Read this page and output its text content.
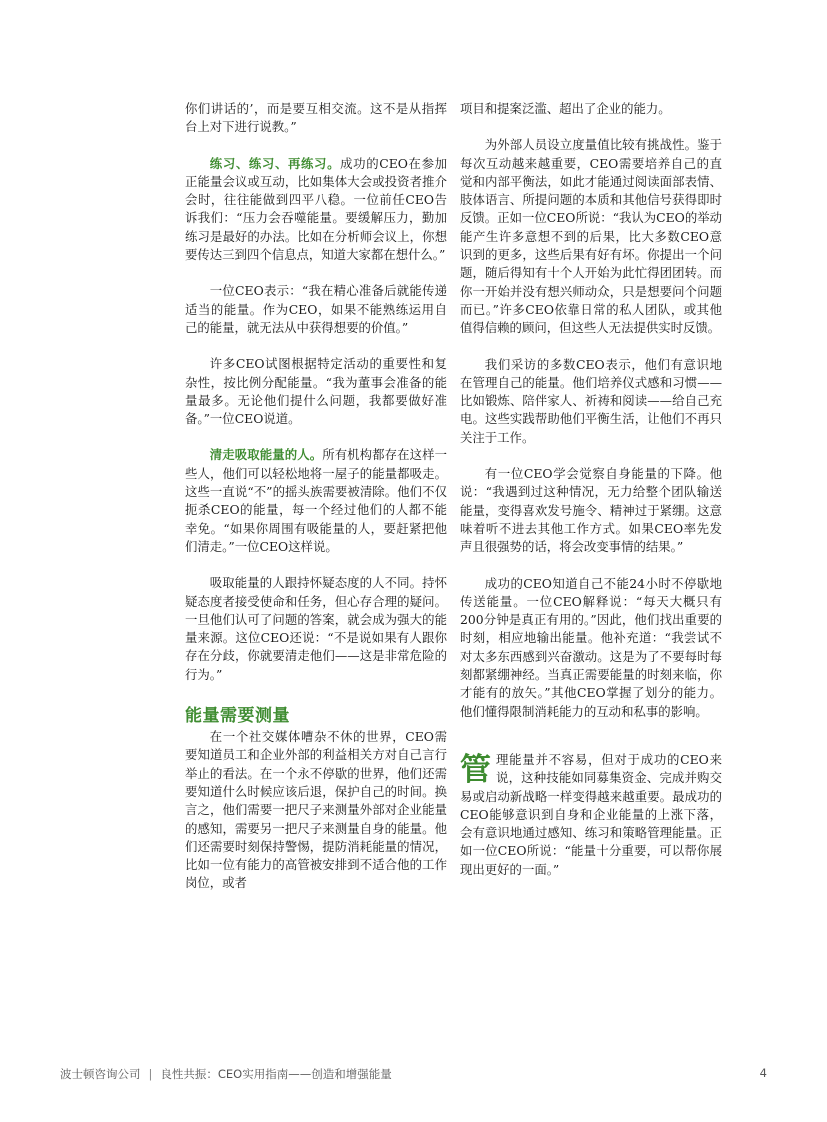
你们讲话的’，而是要互相交流。这不是从指挥台上对下进行说教。”

练习、练习、再练习。成功的CEO在参加正能量会议或互动，比如集体大会或投资者推介会时，往往能做到四平八稳。一位前任CEO告诉我们：“压力会吞噬能量。要缓解压力，勤加练习是最好的办法。比如在分析师会议上，你想要传达三到四个信息点，知道大家都在想什么。”

一位CEO表示：“我在精心准备后就能传递适当的能量。作为CEO，如果不能熟练运用自己的能量，就无法从中获得想要的价值。”

许多CEO试图根据特定活动的重要性和复杂性，按比例分配能量。“我为董事会准备的能量最多。无论他们提什么问题，我都要做好准备。”一位CEO说道。

清走吸取能量的人。所有机构都存在这样一些人，他们可以轻松地将一屋子的能量都吸走。这些一直说“不”的摇头族需要被清除。他们不仅扼杀CEO的能量，每一个经过他们的人都不能幸免。“如果你周围有吸能量的人，要赶紧把他们清走。”一位CEO这样说。

吸取能量的人跟持怀疑态度的人不同。持怀疑态度者接受使命和任务，但心存合理的疑问。一旦他们认可了问题的答案，就会成为强大的能量来源。这位CEO还说：“不是说如果有人跟你存在分歧，你就要清走他们——这是非常危险的行为。”

能量需要测量

在一个社交媒体嘈杂不休的世界，CEO需要知道员工和企业外部的利益相关方对自己言行举止的看法。在一个永不停歇的世界，他们还需要知道什么时候应该后退，保护自己的时间。换言之，他们需要一把尺子来测量外部对企业能量的感知，需要另一把尺子来测量自身的能量。他们还需要时刻保持警惕，提防消耗能量的情况，比如一位有能力的高管被安排到不适合他的工作岗位，或者

项目和提案泛滥、超出了企业的能力。

为外部人员设立度量值比较有挑战性。鉴于每次互动越来越重要，CEO需要培养自己的直觉和内部平衡法，如此才能通过阅读面部表情、肢体语言、所提问题的本质和其他信号获得即时反馈。正如一位CEO所说：“我认为CEO的举动能产生许多意想不到的后果，比大多数CEO意识到的更多，这些后果有好有坏。你提出一个问题，随后得知有十个人开始为此忙得团团转。而你一开始并没有想兴师动众，只是想要问个问题而已。”许多CEO依靠日常的私人团队，或其他值得信赖的顾问，但这些人无法提供实时反馈。

我们采访的多数CEO表示，他们有意识地在管理自己的能量。他们培养仪式感和习惯——比如锻炼、陪伴家人、祈祷和阅读——给自己充电。这些实践帮助他们平衡生活，让他们不再只关注于工作。

有一位CEO学会觉察自身能量的下降。他说：“我遇到过这种情况，无力给整个团队输送能量，变得喜欢发号施令、精神过于紧绷。这意味着听不进去其他工作方式。如果CEO率先发声且很强势的话，将会改变事情的结果。”

成功的CEO知道自己不能24小时不停歇地传送能量。一位CEO解释说：“每天大概只有200分钟是真正有用的。”因此，他们找出重要的时刻，相应地输出能量。他补充道：“我尝试不对太多东西感到兴奋激动。这是为了不要每时每刻都紧绷神经。当真正需要能量的时刻来临，你才能有的放矢。”其他CEO掌握了划分的能力。他们懂得限制消耗能力的互动和私事的影响。

管理能量并不容易，但对于成功的CEO来说，这种技能如同募集资金、完成并购交易或启动新战略一样变得越来越重要。最成功的CEO能够意识到自身和企业能量的上涨下落，会有意识地通过感知、练习和策略管理能量。正如一位CEO所说：“能量十分重要，可以帮你展现出更好的一面。”

波士顿咨询公司 | 良性共振：CEO实用指南——创造和增强能量	4
